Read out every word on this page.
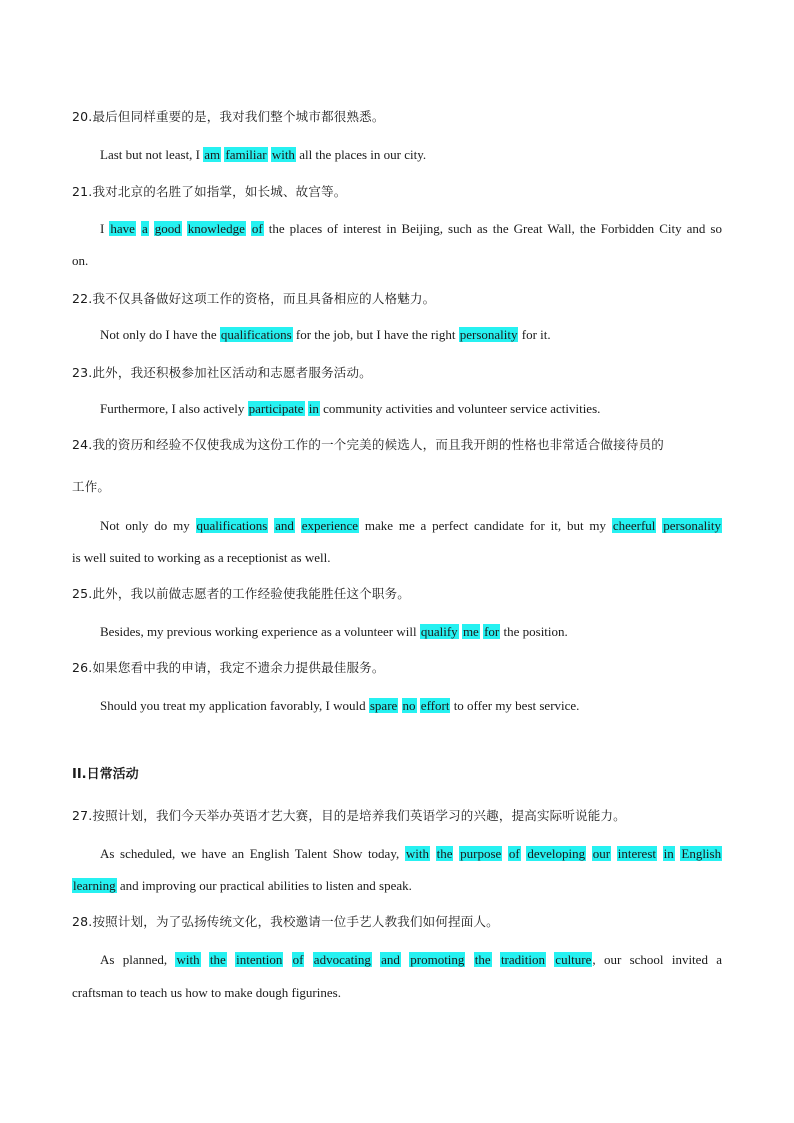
20.最后但同样重要的是，我对我们整个城市都很熟悉。
Last but not least, I am familiar with all the places in our city.
21.我对北京的名胜了如指掌，如长城、故宫等。
I have a good knowledge of the places of interest in Beijing, such as the Great Wall, the Forbidden City and so
on.
22.我不仅具备做好这项工作的资格，而且具备相应的人格魅力。
Not only do I have the qualifications for the job, but I have the right personality for it.
23.此外，我还积极参加社区活动和志愿者服务活动。
Furthermore, I also actively participate in community activities and volunteer service activities.
24.我的资历和经验不仅使我成为这份工作的一个完美的候选人，而且我开朗的性格也非常适合做接待员的
工作。
Not only do my qualifications and experience make me a perfect candidate for it, but my cheerful personality
is well suited to working as a receptionist as well.
25.此外，我以前做志愿者的工作经验使我能胜任这个职务。
Besides, my previous working experience as a volunteer will qualify me for the position.
26.如果您看中我的申请，我定不遗余力提供最佳服务。
Should you treat my application favorably, I would spare no effort to offer my best service.
II.日常活动
27.按照计划，我们今天举办英语才艺大赛，目的是培养我们英语学习的兴趣，提高实际听说能力。
As scheduled, we have an English Talent Show today, with the purpose of developing our interest in English
learning and improving our practical abilities to listen and speak.
28.按照计划，为了弘扬传统文化，我校邀请一位手艺人教我们如何捏面人。
As planned, with the intention of advocating and promoting the tradition culture, our school invited a
craftsman to teach us how to make dough figurines.
